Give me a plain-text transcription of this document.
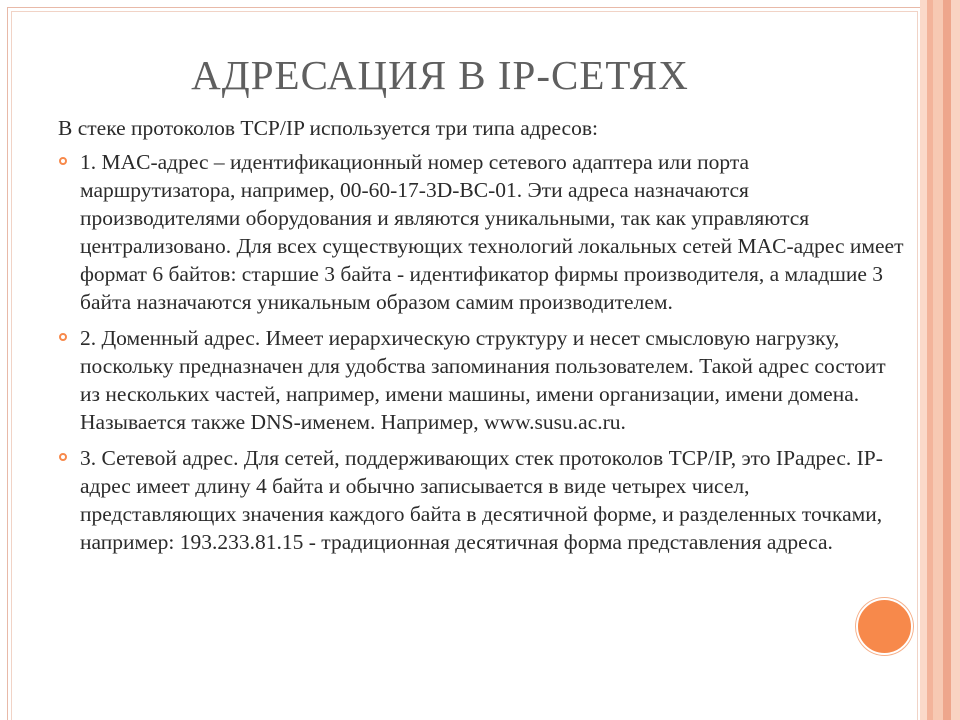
АДРЕСАЦИЯ В IP-СЕТЯХ

В стеке протоколов TCP/IP используется три типа адресов:

1. MAC-адрес – идентификационный номер сетевого адаптера или порта маршрутизатора, например, 00-60-17-3D-BC-01. Эти адреса назначаются производителями оборудования и являются уникальными, так как управляются централизовано. Для всех существующих технологий локальных сетей MAC-адрес имеет формат 6 байтов: старшие 3 байта - идентификатор фирмы производителя, а младшие 3 байта назначаются уникальным образом самим производителем.
2. Доменный адрес. Имеет иерархическую структуру и несет смысловую нагрузку, поскольку предназначен для удобства запоминания пользователем. Такой адрес состоит из нескольких частей, например, имени машины, имени организации, имени домена. Называется также DNS-именем. Например, www.susu.ac.ru.
3. Сетевой адрес. Для сетей, поддерживающих стек протоколов TCP/IP, это IPадрес. IP-адрес имеет длину 4 байта и обычно записывается в виде четырех чисел, представляющих значения каждого байта в десятичной форме, и разделенных точками, например: 193.233.81.15 - традиционная десятичная форма представления адреса.
